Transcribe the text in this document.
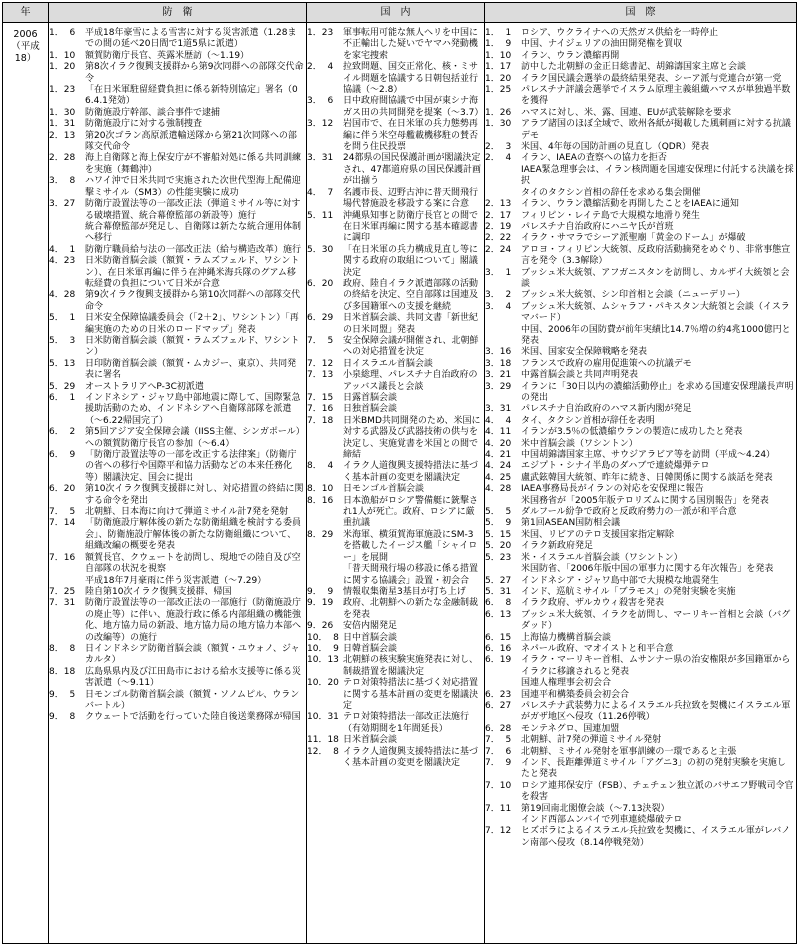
年	防　衛	国　内	国　際
2006
（平成18）
1．  6	平成18年豪雪による雪害に対する災害派遣（1.28までの間の延べ20日間で1道5県に派遣）
1．10	額賀防衛庁長官、英露米歴訪（～1.19）
1．20	第8次イラク復興支援群から第9次同群への部隊交代命令
1．23	「在日米軍駐留経費負担に係る新特別協定」署名（06.4.1発効）
1．30	防衛施設庁幹部、談合事件で逮捕
1．31	防衛施設庁に対する強制捜査
2．13	第20次ゴラン高原派遣輸送隊から第21次同隊への部隊交代命令
2．28	海上自衛隊と海上保安庁が不審船対処に係る共同訓練を実施（舞鶴沖）
3．  8	ハワイ沖で日米共同で実施された次世代型海上配備迎撃ミサイル（SM3）の性能実験に成功
3．27	防衛庁設置法等の一部改正法（弾道ミサイル等に対する破壊措置、統合幕僚監部の新設等）施行
統合幕僚監部が発足し、自衛隊は新たな統合運用体制へ移行
4．  1	防衛庁職員給与法の一部改正法（給与構造改革）施行
4．23	日米防衛首脳会談（額賀・ラムズフェルド、ワシントン）、在日米軍再編に伴う在沖縄米海兵隊のグアム移転経費の負担について日米が合意
4．28	第9次イラク復興支援群から第10次同群への部隊交代命令
5．  1	日米安全保障協議委員会（「2＋2」、ワシントン）「再編実施のための日米のロードマップ」発表
5．  3	日米防衛首脳会談（額賀・ラムズフェルド、ワシントン）
5．13	日印防衛首脳会談（額賀・ムカジー、東京）、共同発表に署名
5．29	オーストラリアへP-3C初派遣
6．  1	インドネシア・ジャワ島中部地震に際して、国際緊急援助活動のため、インドネシアへ自衛隊部隊を派遣（～6.22帰国完了）
6．  2	第5回アジア安全保障会議（IISS主催、シンガポール）への額賀防衛庁長官の参加（～6.4）
6．  9	「防衛庁設置法等の一部を改正する法律案」（防衛庁の省への移行や国際平和協力活動などの本来任務化等）閣議決定、国会に提出
6．20	第10次イラク復興支援群に対し、対応措置の終結に関する命令を発出
7．  5	北朝鮮、日本海に向けて弾道ミサイル計7発を発射
7．14	「防衛施設庁解体後の新たな防衛組織を検討する委員会」、防衛施設庁解体後の新たな防衛組織について、組織改編の概要を発表
7．16	額賀長官、クウェートを訪問し、現地での陸自及び空自部隊の状況を視察
平成18年7月豪雨に伴う災害派遣（～7.29）
7．25	陸自第10次イラク復興支援群、帰国
7．31	防衛庁設置法等の一部改正法の一部施行（防衛施設庁の廃止等）に伴い、施設行政に係る内部組織の機能強化、地方協力局の新設、地方協力局の地方協力本部への改編等）の施行
8．  8	日インドネシア防衛首脳会談（額賀・ユウォノ、ジャカルタ）
8．18	広島県県内及び江田島市における給水支援等に係る災害派遣（～9.11）
9．  5	日モンゴル防衛首脳会談（額賀・ソノムピル、ウランバートル）
9．  8	クウェートで活動を行っていた陸自後送業務隊が帰国
1．23	軍事転用可能な無人ヘリを中国に不正輸出した疑いでヤマハ発動機を家宅捜索
2．  4	拉致問題、国交正常化、核・ミサイル問題を協議する日朝包括並行協議（～2.8）
3．  6	日中政府間協議で中国が東シナ海ガス田の共同開発を提案（～3.7）
3．12	岩国市で、在日米軍の兵力態勢再編に伴う米空母艦載機移駐の賛否を問う住民投票
3．31	24都県の国民保護計画が閣議決定され、47都道府県の国民保護計画が出揃う
4．  7	名護市長、辺野古沖に普天間飛行場代替施設を移設する案に合意
5．11	沖縄県知事と防衛庁長官との間で在日米軍再編に関する基本確認書に調印
5．30	「在日米軍の兵力構成見直し等に関する政府の取組について」閣議決定
6．20	政府、陸自イラク派遣部隊の活動の終結を決定、空自部隊は国連及び多国籍軍への支援を継続
6．29	日米首脳会談、共同文書「新世紀の日米同盟」発表
7．  5	安全保障会議が開催され、北朝鮮への対応措置を決定
7．12	日イスラエル首脳会談
7．13	小泉総理、パレスチナ自治政府のアッバス議長と会談
7．15	日露首脳会談
7．16	日独首脳会談
7．18	日米BMD共同開発のため、米国に対する武器及び武器技術の供与を決定し、実施覚書を米国との間で締結
8．  4	イラク人道復興支援特措法に基づく基本計画の変更を閣議決定
8．10	日モンゴル首脳会談
8．16	日本漁船がロシア警備艇に銃撃され1人が死亡。政府、ロシアに厳重抗議
8．29	米海軍、横須賀海軍施設にSM-3を搭載したイージス艦「シャイロー」を展開
「普天間飛行場の移設に係る措置に関する協議会」設置・初会合
9．  9	情報収集衛星3基目が打ち上げ
9．19	政府、北朝鮮への新たな金融制裁を発表
9．26	安倍内閣発足
10．  8 日中首脳会談
10．  9 日韓首脳会談
10．13 北朝鮮の核実験実施発表に対し、制裁措置を閣議決定
10．20 テロ対策特措法に基づく対応措置に関する基本計画の変更を閣議決定
10．31 テロ対策特措法一部改正法施行（有効期間を1年間延長）
11．18 日米首脳会談
12．  8 イラク人道復興支援特措法に基づく基本計画の変更を閣議決定
1．  1	ロシア、ウクライナへの天然ガス供給を一時停止
1．  9	中国、ナイジェリアの油田開発権を買収
1．10	イラン、ウラン濃縮再開
1．17	訪中した北朝鮮の金正日総書記、胡錦濤国家主席と会談
1．20	イラク国民議会選挙の最終結果発表、シーア派与党連合が第一党
1．25	パレスチナ評議会選挙でイスラム原理主義組織ハマスが単独過半数を獲得
1．26	ハマスに対し、米、露、国連、EUが武装解除を要求
1．30	アラブ諸国のほぼ全域で、欧州各紙が掲載した風刺画に対する抗議デモ
2．  3	米国、4年毎の国防計画の見直し（QDR）発表
2．  4	イラン、IAEAの査察への協力を拒否
IAEA緊急理事会は、イラン核問題を国連安保理に付託する決議を採択
タイのタクシン首相の辞任を求める集会開催
2．13	イラン、ウラン濃縮活動を再開したことをIAEAに通知
2．17	フィリピン・レイテ島で大規模な地滑り発生
2．19	パレスチナ自治政府にハニヤ氏が首班
2．22	イラク・サマラでシーア派聖廟「黄金のドーム」が爆破
2．24	アロヨ・フィリピン大統領、反政府活動摘発をめぐり、非常事態宣言を発令（3.3解除）
3．  1	ブッシュ米大統領、アフガニスタンを訪問し、カルザイ大統領と会談
3．  2	ブッシュ米大統領、シン印首相と会談（ニューデリー）
3．  4	ブッシュ米大統領、ムシャラフ・パキスタン大統領と会談（イスラマバード）
中国、2006年の国防費が前年実績比14.7％増の約4兆1000億円と発表
3．16	米国、国家安全保障戦略を発表
3．18	フランスで政府の雇用促進策への抗議デモ
3．21	中露首脳会談と共同声明発表
3．29	イランに「30日以内の濃縮活動停止」を求める国連安保理議長声明の発出
3．31	パレスチナ自治政府のハマス新内閣が発足
4．  4	タイ、タクシン首相が辞任を表明
4．11	イランが3.5％の低濃縮ウランの製造に成功したと発表
4．20	米中首脳会談（ワシントン）
4．21	中国胡錦濤国家主席、サウジアラビア等を訪問（平成～4.24）
4．24	エジプト・シナイ半島のダハブで連続爆弾テロ
4．25	盧武鉉韓国大統領、昨年に続き、日韓関係に関する談話を発表
4．28	IAEA事務局長がイランの対応を安保理に報告
米国務省が「2005年版テロリズムに関する国別報告」を発表
5．  5	ダルフール紛争で政府と反政府勢力の一派が和平合意
5．  9	第1回ASEAN国防相会議
5．15	米国、リビアのテロ支援国家指定解除
5．20	イラク新政府発足
5．23	米・イスラエル首脳会談（ワシントン）
米国防省、「2006年版中国の軍事力に関する年次報告」を発表
5．27	インドネシア・ジャワ島中部で大規模な地震発生
5．31	インド、巡航ミサイル「ブラモス」の発射実験を実施
6．  8	イラク政府、ザルカウィ殺害を発表
6．13	ブッシュ米大統領、イラクを訪問し、マーリキー首相と会談（バグダッド）
6．15	上海協力機構首脳会談
6．16	ネパール政府、マオイストと和平合意
6．19	イラク・マーリキー首相、ムサンナー県の治安権限が多国籍軍からイラクに移譲されると発表
国連人権理事会初会合
6．23	国連平和構築委員会初会合
6．27	パレスチナ武装勢力によるイスラエル兵拉致を契機にイスラエル軍がガザ地区へ侵攻（11.26停戦）
6．28	モンテネグロ、国連加盟
7．  5	北朝鮮、計7発の弾道ミサイル発射
7．  6	北朝鮮、ミサイル発射を軍事訓練の一環であると主張
7．  9	インド、長距離弾道ミサイル「アグニ3」の初の発射実験を実施したと発表
7．10	ロシア連邦保安庁（FSB）、チェチェン独立派のバサエフ野戦司令官を殺害
7．11	第19回南北閣僚会談（～7.13決裂）
インド西部ムンバイで列車連続爆破テロ
7．12	ヒズボラによるイスラエル兵拉致を契機に、イスラエル軍がレバノン南部へ侵攻（8.14停戦発効）
